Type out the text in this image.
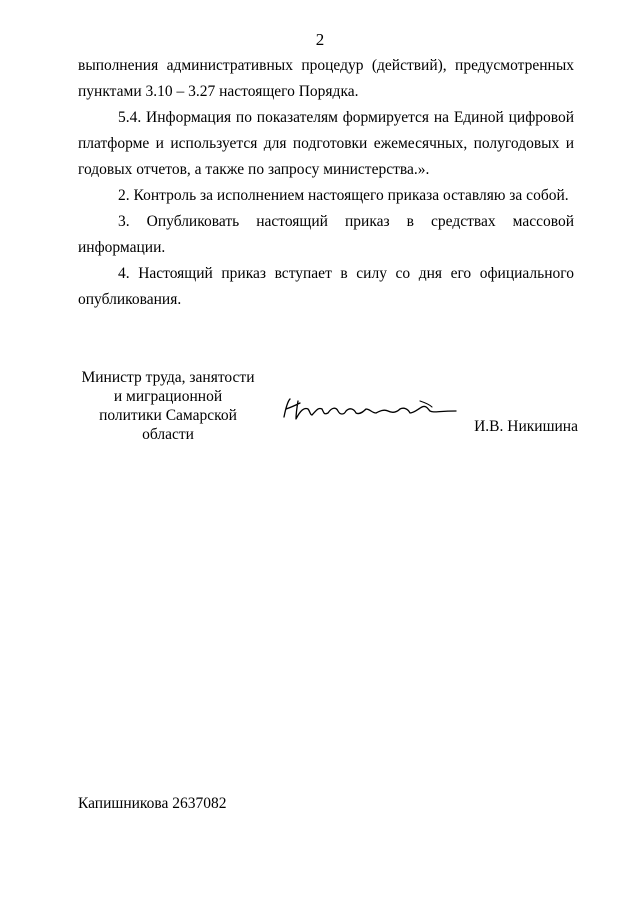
2

выполнения административных процедур (действий), предусмотренных пунктами 3.10 – 3.27 настоящего Порядка.

5.4. Информация по показателям формируется на Единой цифровой платформе и используется для подготовки ежемесячных, полугодовых и годовых отчетов, а также по запросу министерства.».

2. Контроль за исполнением настоящего приказа оставляю за собой.

3. Опубликовать настоящий приказ в средствах массовой информации.

4. Настоящий приказ вступает в силу со дня его официального опубликования.

Министр труда, занятости
и миграционной
политики Самарской
области	И.В. Никишина
Капишникова 2637082
